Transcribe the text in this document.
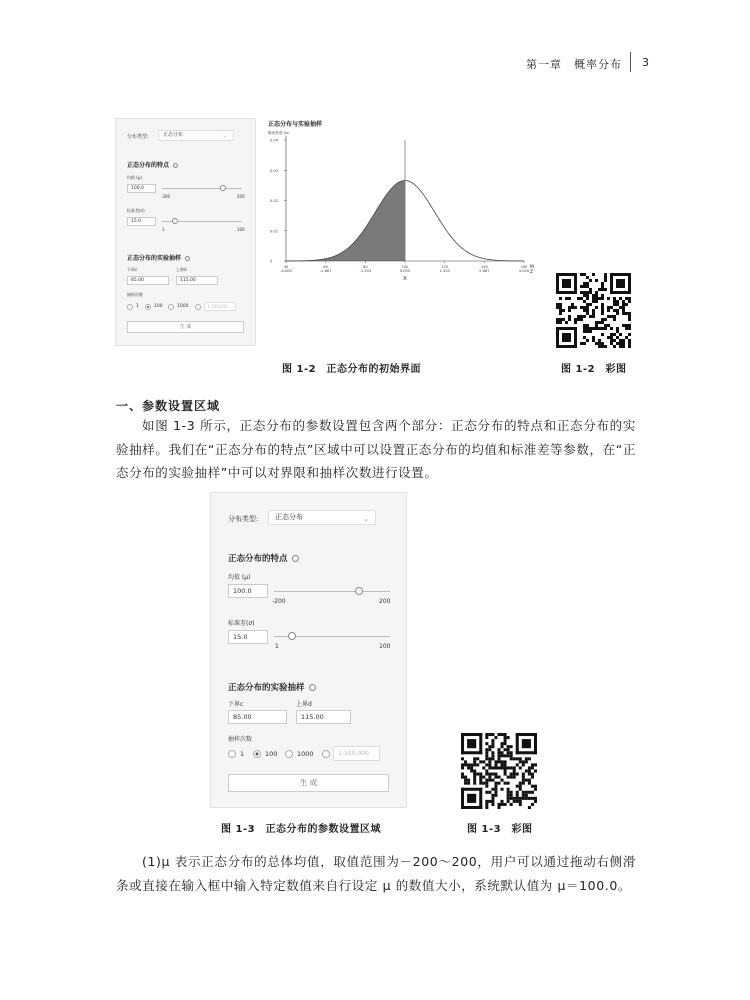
第一章　概率分布 3
分布类型:	正态分布	⌄
正态分布的特点
均值 (μ)
100.0
-200	200
标准差(σ)
15.0
1	100
正态分布的实验抽样
下界c	上界d
85.00	115.00
抽样次数
1	100	1000	1-100,000
生 成
正态分布与实验抽样
概率密度 f(x)
0.04
0.03
0.02
0.01
0
40
-4.000
60
-2.667
80
-1.333
100
0.000
120
1.333
140
2.667
160
4.000
M
Z
X
图 1-2　正态分布的初始界面	图 1-2　彩图
一、参数设置区域

如图 1-3 所示，正态分布的参数设置包含两个部分：正态分布的特点和正态分布的实验抽样。我们在“正态分布的特点”区域中可以设置正态分布的均值和标准差等参数，在“正态分布的实验抽样”中可以对界限和抽样次数进行设置。

分布类型:	正态分布	⌄
正态分布的特点
均值 (μ)
100.0
-200	200
标准差(σ)
15.0
1	100
正态分布的实验抽样
下界c	上界d
85.00	115.00
抽样次数
1	100	1000	1-100,000
生 成
图 1-3　正态分布的参数设置区域	图 1-3　彩图

(1)μ 表示正态分布的总体均值，取值范围为－200～200，用户可以通过拖动右侧滑条或直接在输入框中输入特定数值来自行设定 μ 的数值大小，系统默认值为 μ＝100.0。
